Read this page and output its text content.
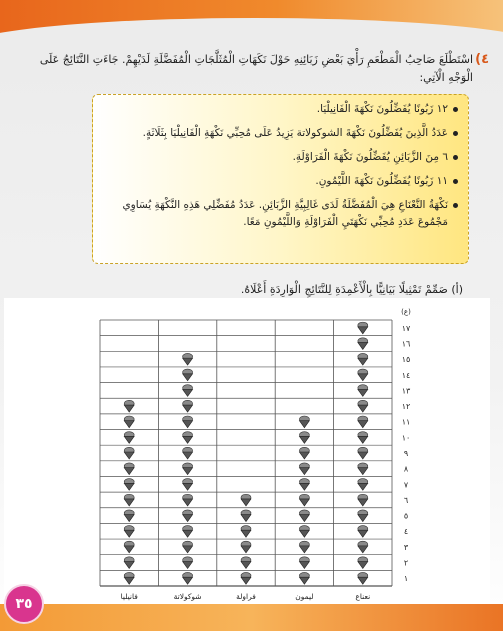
٤)
اسْتَطْلَعَ صَاحِبُ الْمَطْعَمِ رَأْيَ بَعْضِ زَبَائِنِهِ حَوْلَ نَكَهَاتِ الْمُثَلَّجَاتِ الْمُفَضَّلَةِ لَدَيْهِمْ. جَاءَتِ النَّتَائِجُ عَلَى الْوَجْهِ الْآتِي:
١٢ زَبُونًا يُفَضِّلُونَ نَكْهَةَ الْفَانِيلْيَا.
عَدَدُ الَّذِينَ يُفَضِّلُونَ نَكْهَةَ الشوكولاتة يَزِيدُ عَلَى مُحِبِّي نَكْهَةِ الْفَانِيلْيَا بِثَلَاثَةٍ.
٦ مِنَ الزَّبَائِنِ يُفَضِّلُونَ نَكْهَةَ الْفَرَاوْلَةِ.
١١ زَبُونًا يُفَضِّلُونَ نَكْهَةَ اللَّيْمُونِ.
نَكْهَةُ النَّعْنَاعِ هِيَ الْمُفَضَّلَةُ لَدَى غَالِبِيَّةِ الزَّبَائِنِ. عَدَدُ مُفَضِّلِي هَذِهِ النَّكْهَةِ يُسَاوِي مَجْمُوعَ عَدَدِ مُحِبِّي نَكْهَتَيِ الْفَرَاوْلَةِ وَاللَّيْمُونِ مَعًا.
(أ) صَمِّمْ تَمْثِيلًا بَيَانِيًّا بِالْأَعْمِدَةِ لِلنَّتَائِجِ الْوَارِدَةِ أَعْلَاهُ.
١
٢
٣
٤
٥
٦
٧
٨
٩
١٠
١١
١٢
١٣
١٤
١٥
١٦
١٧
(ع)
نعناع
ليمون
فراولة
شوكولاتة
فانيليا
٣٥
